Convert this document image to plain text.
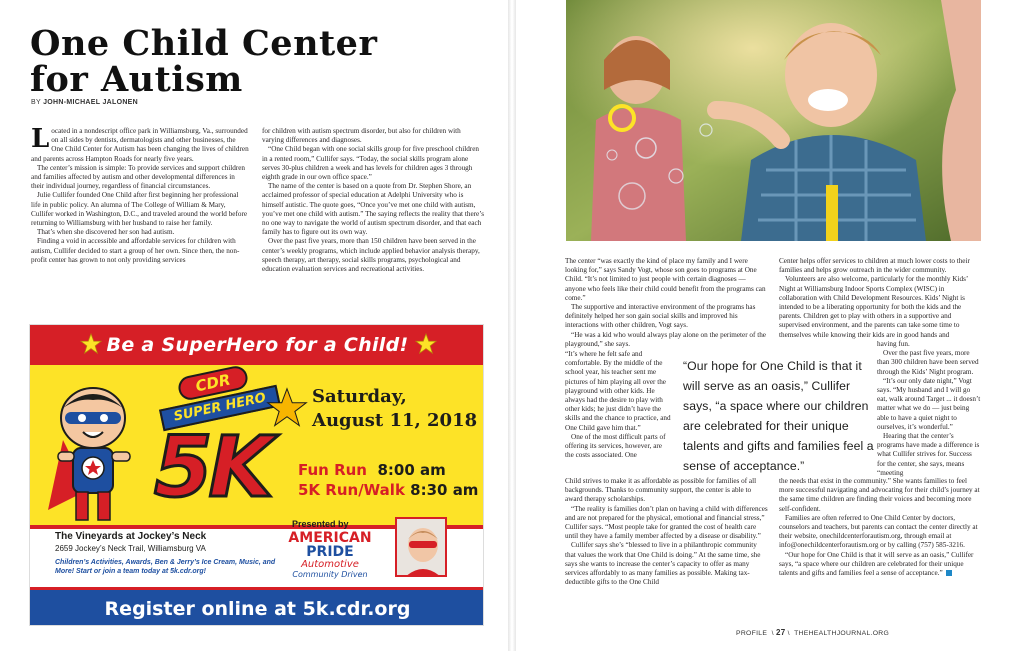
One Child Center
for Autism
BY JOHN-MICHAEL JALONEN

Located in a nondescript office park in Williamsburg, Va., surrounded on all sides by dentists, dermatologists and other businesses, the One Child Center for Autism has been changing the lives of children and parents across Hampton Roads for nearly five years.

The center’s mission is simple: To provide services and support children and families affected by autism and other developmental differences in their individual journey, regardless of financial circumstances.

Julie Cullifer founded One Child after first beginning her professional life in public policy. An alumna of The College of William & Mary, Cullifer worked in Washington, D.C., and traveled around the world before returning to Williamsburg with her husband to raise her family.

That’s when she discovered her son had autism.

Finding a void in accessible and affordable services for children with autism, Cullifer decided to start a group of her own. Since then, the non-profit center has grown to not only providing services

for children with autism spectrum disorder, but also for children with varying differences and diagnoses.

“One Child began with one social skills group for five preschool children in a rented room,” Cullifer says. “Today, the social skills program alone serves 30-plus children a week and has levels for children ages 3 through eighth grade in our own office space.”

The name of the center is based on a quote from Dr. Stephen Shore, an acclaimed professor of special education at Adelphi University who is himself autistic. The quote goes, “Once you’ve met one child with autism, you’ve met one child with autism.” The saying reflects the reality that there’s no one way to navigate the world of autism spectrum disorder, and that each family has to figure out its own way.

Over the past five years, more than 150 children have been served in the center’s weekly programs, which include applied behavior analysis therapy, speech therapy, art therapy, social skills programs, psychological and education evaluation services and recreational activities.

Be a SuperHero for a Child!
CDR
SUPER HERO
5K
Saturday,
August 11, 2018
Fun Run 8:00 am
5K Run/Walk 8:30 am
The Vineyards at Jockey’s Neck
2659 Jockey’s Neck Trail, Williamsburg VA
Children’s Activities, Awards, Ben & Jerry’s Ice Cream, Music, and More! Start or join a team today at 5k.cdr.org!
Presented by
AMERICAN
PRIDE
Automotive
Community Driven
Register online at 5k.cdr.org

The center “was exactly the kind of place my family and I were looking for,” says Sandy Vogt, whose son goes to programs at One Child. “It’s not limited to just people with certain diagnoses — anyone who feels like their child could benefit from the programs can come.”

The supportive and interactive environment of the programs has definitely helped her son gain social skills and improved his interactions with other children, Vogt says.

“He was a kid who would always play alone on the perimeter of the playground,” she says.

“It’s where he felt safe and comfortable. By the middle of the school year, his teacher sent me pictures of him playing all over the playground with other kids. He always had the desire to play with other kids; he just didn’t have the skills and the chance to practice, and One Child gave him that.”

One of the most difficult parts of offering its services, however, are the costs associated. One

Child strives to make it as affordable as possible for families of all backgrounds. Thanks to community support, the center is able to award therapy scholarships.

“The reality is families don’t plan on having a child with differences and are not prepared for the physical, emotional and financial stress,” Cullifer says. “Most people take for granted the cost of health care until they have a family member affected by a disease or disability.”

Cullifer says she’s “blessed to live in a philanthropic community that values the work that One Child is doing.” At the same time, she says she wants to increase the center’s capacity to offer as many services affordably to as many families as possible. Making tax-deductible gifts to the One Child

“Our hope for One Child is that it will serve as an oasis,” Cullifer says, “a space where our children are celebrated for their unique talents and gifts and families feel a sense of acceptance.”

Center helps offer services to children at much lower costs to their families and helps grow outreach in the wider community.

Volunteers are also welcome, particularly for the monthly Kids’ Night at Williamsburg Indoor Sports Complex (WISC) in collaboration with Child Development Resources. Kids’ Night is intended to be a liberating opportunity for both the kids and the parents. Children get to play with others in a supportive and supervised environment, and the parents can take some time to themselves while knowing their kids are in good hands and

having fun.

Over the past five years, more than 300 children have been served through the Kids’ Night program.

“It’s our only date night,” Vogt says. “My husband and I will go eat, walk around Target ... it doesn’t matter what we do — just being able to have a quiet night to ourselves, it’s wonderful.”

Hearing that the center’s programs have made a difference is what Cullifer strives for. Success for the center, she says, means “meeting

the needs that exist in the community.” She wants families to feel more successful navigating and advocating for their child’s journey at the same time children are finding their voices and becoming more self-confident.

Families are often referred to One Child Center by doctors, counselors and teachers, but parents can contact the center directly at their website, onechildcenterforautism.org, through email at info@onechildcenterforautism.org or by calling (757) 585-3216.

“Our hope for One Child is that it will serve as an oasis,” Cullifer says, “a space where our children are celebrated for their unique talents and gifts and families feel a sense of acceptance.”

PROFILE  \ 27 \  THEHEALTHJOURNAL.ORG
